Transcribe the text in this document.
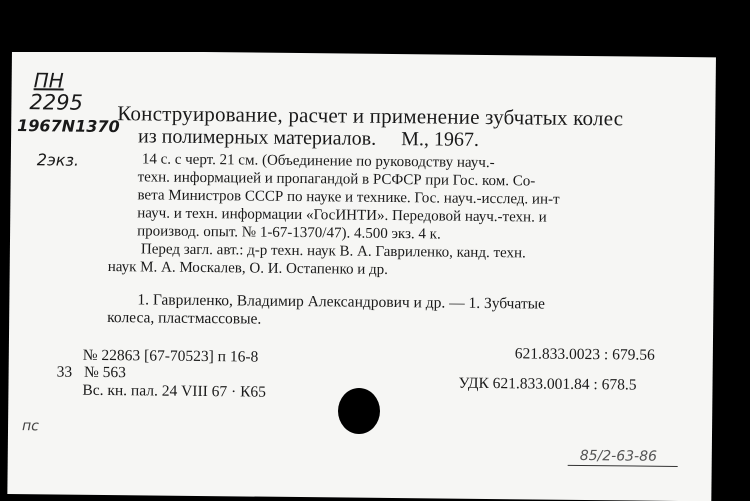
ПН
2295
1967N1370
2экз.
Конструирование, расчет и применение зубчатых колес
из полимерных материалов. М., 1967.
14 с. с черт. 21 см. (Объединение по руководству науч.-
техн. информацией и пропагандой в РСФСР при Гос. ком. Со-
вета Министров СССР по науке и технике. Гос. науч.-исслед. ин-т
науч. и техн. информации «ГосИНТИ». Передовой науч.-техн. и
производ. опыт. № 1-67-1370/47). 4.500 экз. 4 к.
Перед загл. авт.: д-р техн. наук В. А. Гавриленко, канд. техн.
наук М. А. Москалев, О. И. Остапенко и др.
1. Гавриленко, Владимир Александрович и др. — 1. Зубчатые
колеса, пластмассовые.
№ 22863 [67-70523] п 16-8
33 № 563
Вс. кн. пал. 24 VIII 67 · К65
621.833.0023 : 679.56
УДК 621.833.001.84 : 678.5
пс
85/2-63-86
